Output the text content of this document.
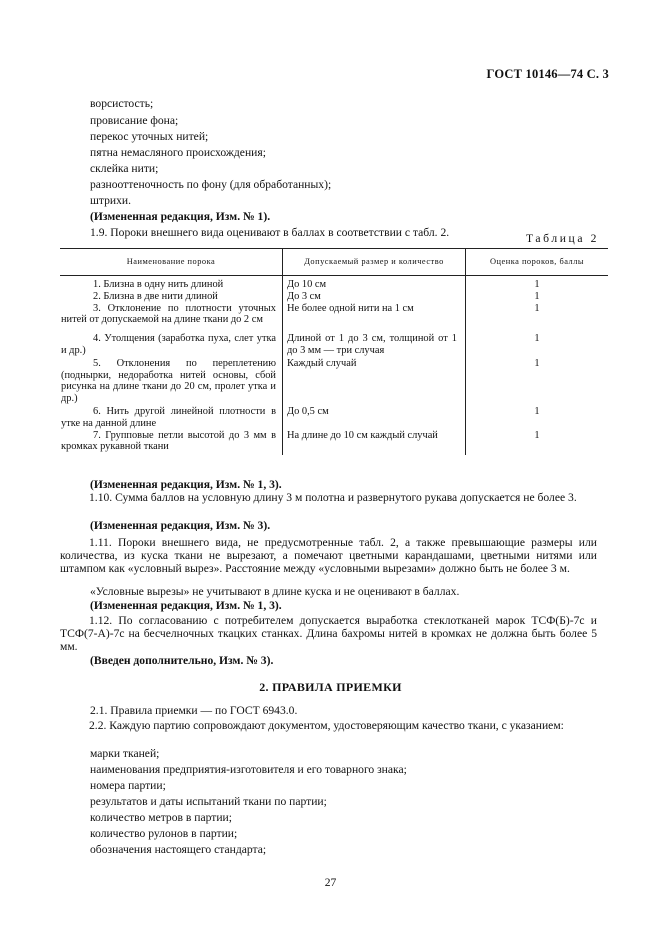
ГОСТ 10146—74 С. 3
ворсистость;
провисание фона;
перекос уточных нитей;
пятна немасляного происхождения;
склейка нити;
разнооттеночность по фону (для обработанных);
штрихи.
(Измененная редакция, Изм. № 1).
1.9. Пороки внешнего вида оценивают в баллах в соответствии с табл. 2.	Таблица 2
Наименование порока	Допускаемый размер и количество	Оценка пороков, баллы
1. Близна в одну нить длиной	До 10 см	1
2. Близна в две нити длиной	До 3 см	1
3. Отклонение по плотности уточных нитей от допускаемой на длине ткани до 2 см	Не более одной нити на 1 см	1
4. Утолщения (заработка пуха, слет утка и др.)	Длиной от 1 до 3 см, толщиной от 1 до 3 мм — три случая	1
5. Отклонения по переплетению (поднырки, недоработка нитей основы, сбой рисунка на длине ткани до 20 см, пролет утка и др.)	Каждый случай	1
6. Нить другой линейной плотности в утке на данной длине	До 0,5 см	1
7. Групповые петли высотой до 3 мм в кромках рукавной ткани	На длине до 10 см каждый случай	1
(Измененная редакция, Изм. № 1, 3).
1.10. Сумма баллов на условную длину 3 м полотна и развернутого рукава допускается не более 3.
(Измененная редакция, Изм. № 3).
1.11. Пороки внешнего вида, не предусмотренные табл. 2, а также превышающие размеры или количества, из куска ткани не вырезают, а помечают цветными карандашами, цветными нитями или штампом как «условный вырез». Расстояние между «условными вырезами» должно быть не более 3 м.
«Условные вырезы» не учитывают в длине куска и не оценивают в баллах.
(Измененная редакция, Изм. № 1, 3).
1.12. По согласованию с потребителем допускается выработка стеклотканей марок ТСФ(Б)-7с и ТСФ(7-А)-7с на бесчелночных ткацких станках. Длина бахромы нитей в кромках не должна быть более 5 мм.
(Введен дополнительно, Изм. № 3).
2. ПРАВИЛА ПРИЕМКИ
2.1. Правила приемки — по ГОСТ 6943.0.
2.2. Каждую партию сопровождают документом, удостоверяющим качество ткани, с указанием:
марки тканей;
наименования предприятия-изготовителя и его товарного знака;
номера партии;
результатов и даты испытаний ткани по партии;
количество метров в партии;
количество рулонов в партии;
обозначения настоящего стандарта;
27
